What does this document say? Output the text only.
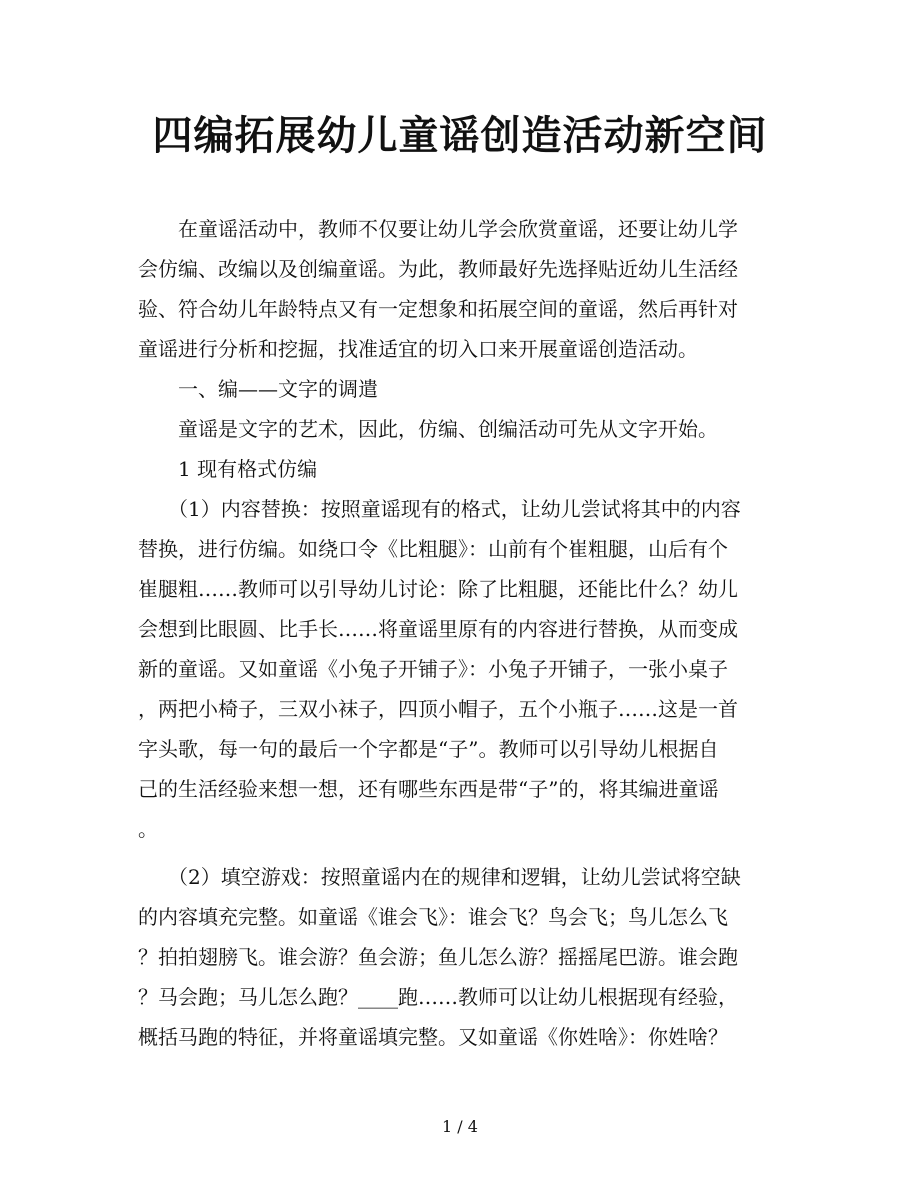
四编拓展幼儿童谣创造活动新空间
　　在童谣活动中，教师不仅要让幼儿学会欣赏童谣，还要让幼儿学
会仿编、改编以及创编童谣。为此，教师最好先选择贴近幼儿生活经
验、符合幼儿年龄特点又有一定想象和拓展空间的童谣，然后再针对
童谣进行分析和挖掘，找准适宜的切入口来开展童谣创造活动。
　　一、编——文字的调遣
　　童谣是文字的艺术，因此，仿编、创编活动可先从文字开始。
　　1 现有格式仿编
　　（1）内容替换：按照童谣现有的格式，让幼儿尝试将其中的内容
替换，进行仿编。如绕口令《比粗腿》：山前有个崔粗腿，山后有个
崔腿粗……教师可以引导幼儿讨论：除了比粗腿，还能比什么？幼儿
会想到比眼圆、比手长……将童谣里原有的内容进行替换，从而变成
新的童谣。又如童谣《小兔子开铺子》：小兔子开铺子，一张小桌子
，两把小椅子，三双小袜子，四顶小帽子，五个小瓶子……这是一首
字头歌，每一句的最后一个字都是“子”。教师可以引导幼儿根据自
己的生活经验来想一想，还有哪些东西是带“子”的，将其编进童谣
。
　　（2）填空游戏：按照童谣内在的规律和逻辑，让幼儿尝试将空缺
的内容填充完整。如童谣《谁会飞》：谁会飞？鸟会飞；鸟儿怎么飞
？拍拍翅膀飞。谁会游？鱼会游；鱼儿怎么游？摇摇尾巴游。谁会跑
？马会跑；马儿怎么跑？____跑……教师可以让幼儿根据现有经验，
概括马跑的特征，并将童谣填完整。又如童谣《你姓啥》：你姓啥？
1 / 4
